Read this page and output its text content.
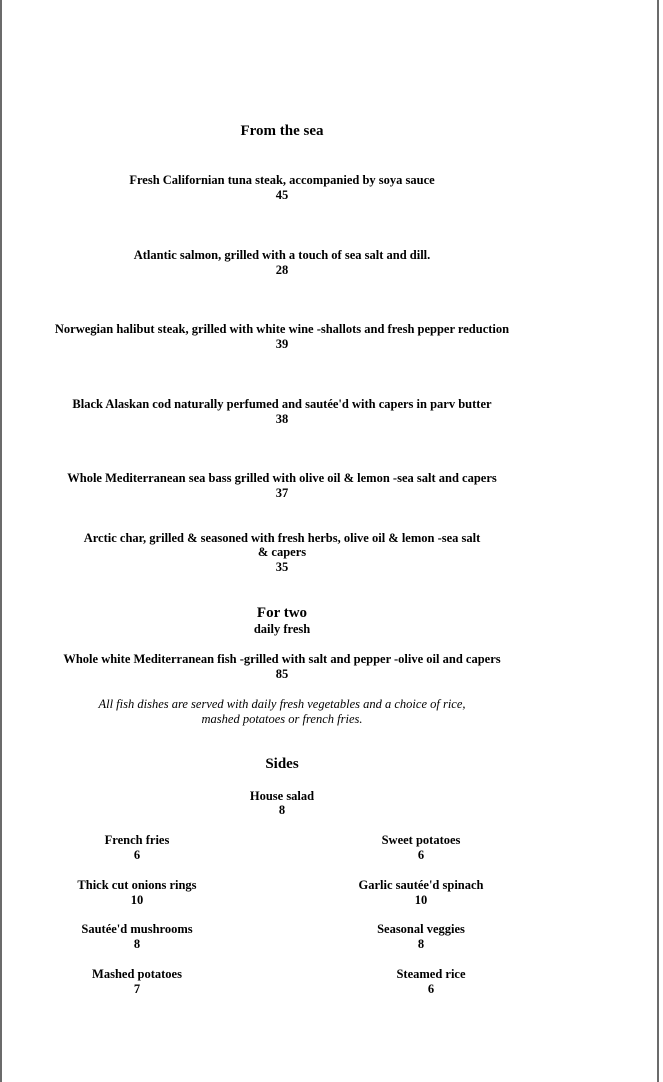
From the sea
Fresh Californian tuna steak, accompanied by soya sauce
45
Atlantic salmon, grilled with a touch of sea salt and dill.
28
Norwegian halibut steak, grilled with white wine -shallots and fresh pepper reduction
39
Black Alaskan cod naturally perfumed and sautée'd with capers in parv butter
38
Whole Mediterranean sea bass grilled with olive oil & lemon -sea salt and capers
37
Arctic char, grilled & seasoned with fresh herbs, olive oil & lemon -sea salt
& capers
35
For two
daily fresh
Whole white Mediterranean fish -grilled with salt and pepper -olive oil and capers
85
All fish dishes are served with daily fresh vegetables and a choice of rice,
mashed potatoes or french fries.
Sides
House salad
8
French fries
6
Thick cut onions rings
10
Sautée'd mushrooms
8
Mashed potatoes
7
Sweet potatoes
6
Garlic sautée'd spinach
10
Seasonal veggies
8
Steamed rice
6
